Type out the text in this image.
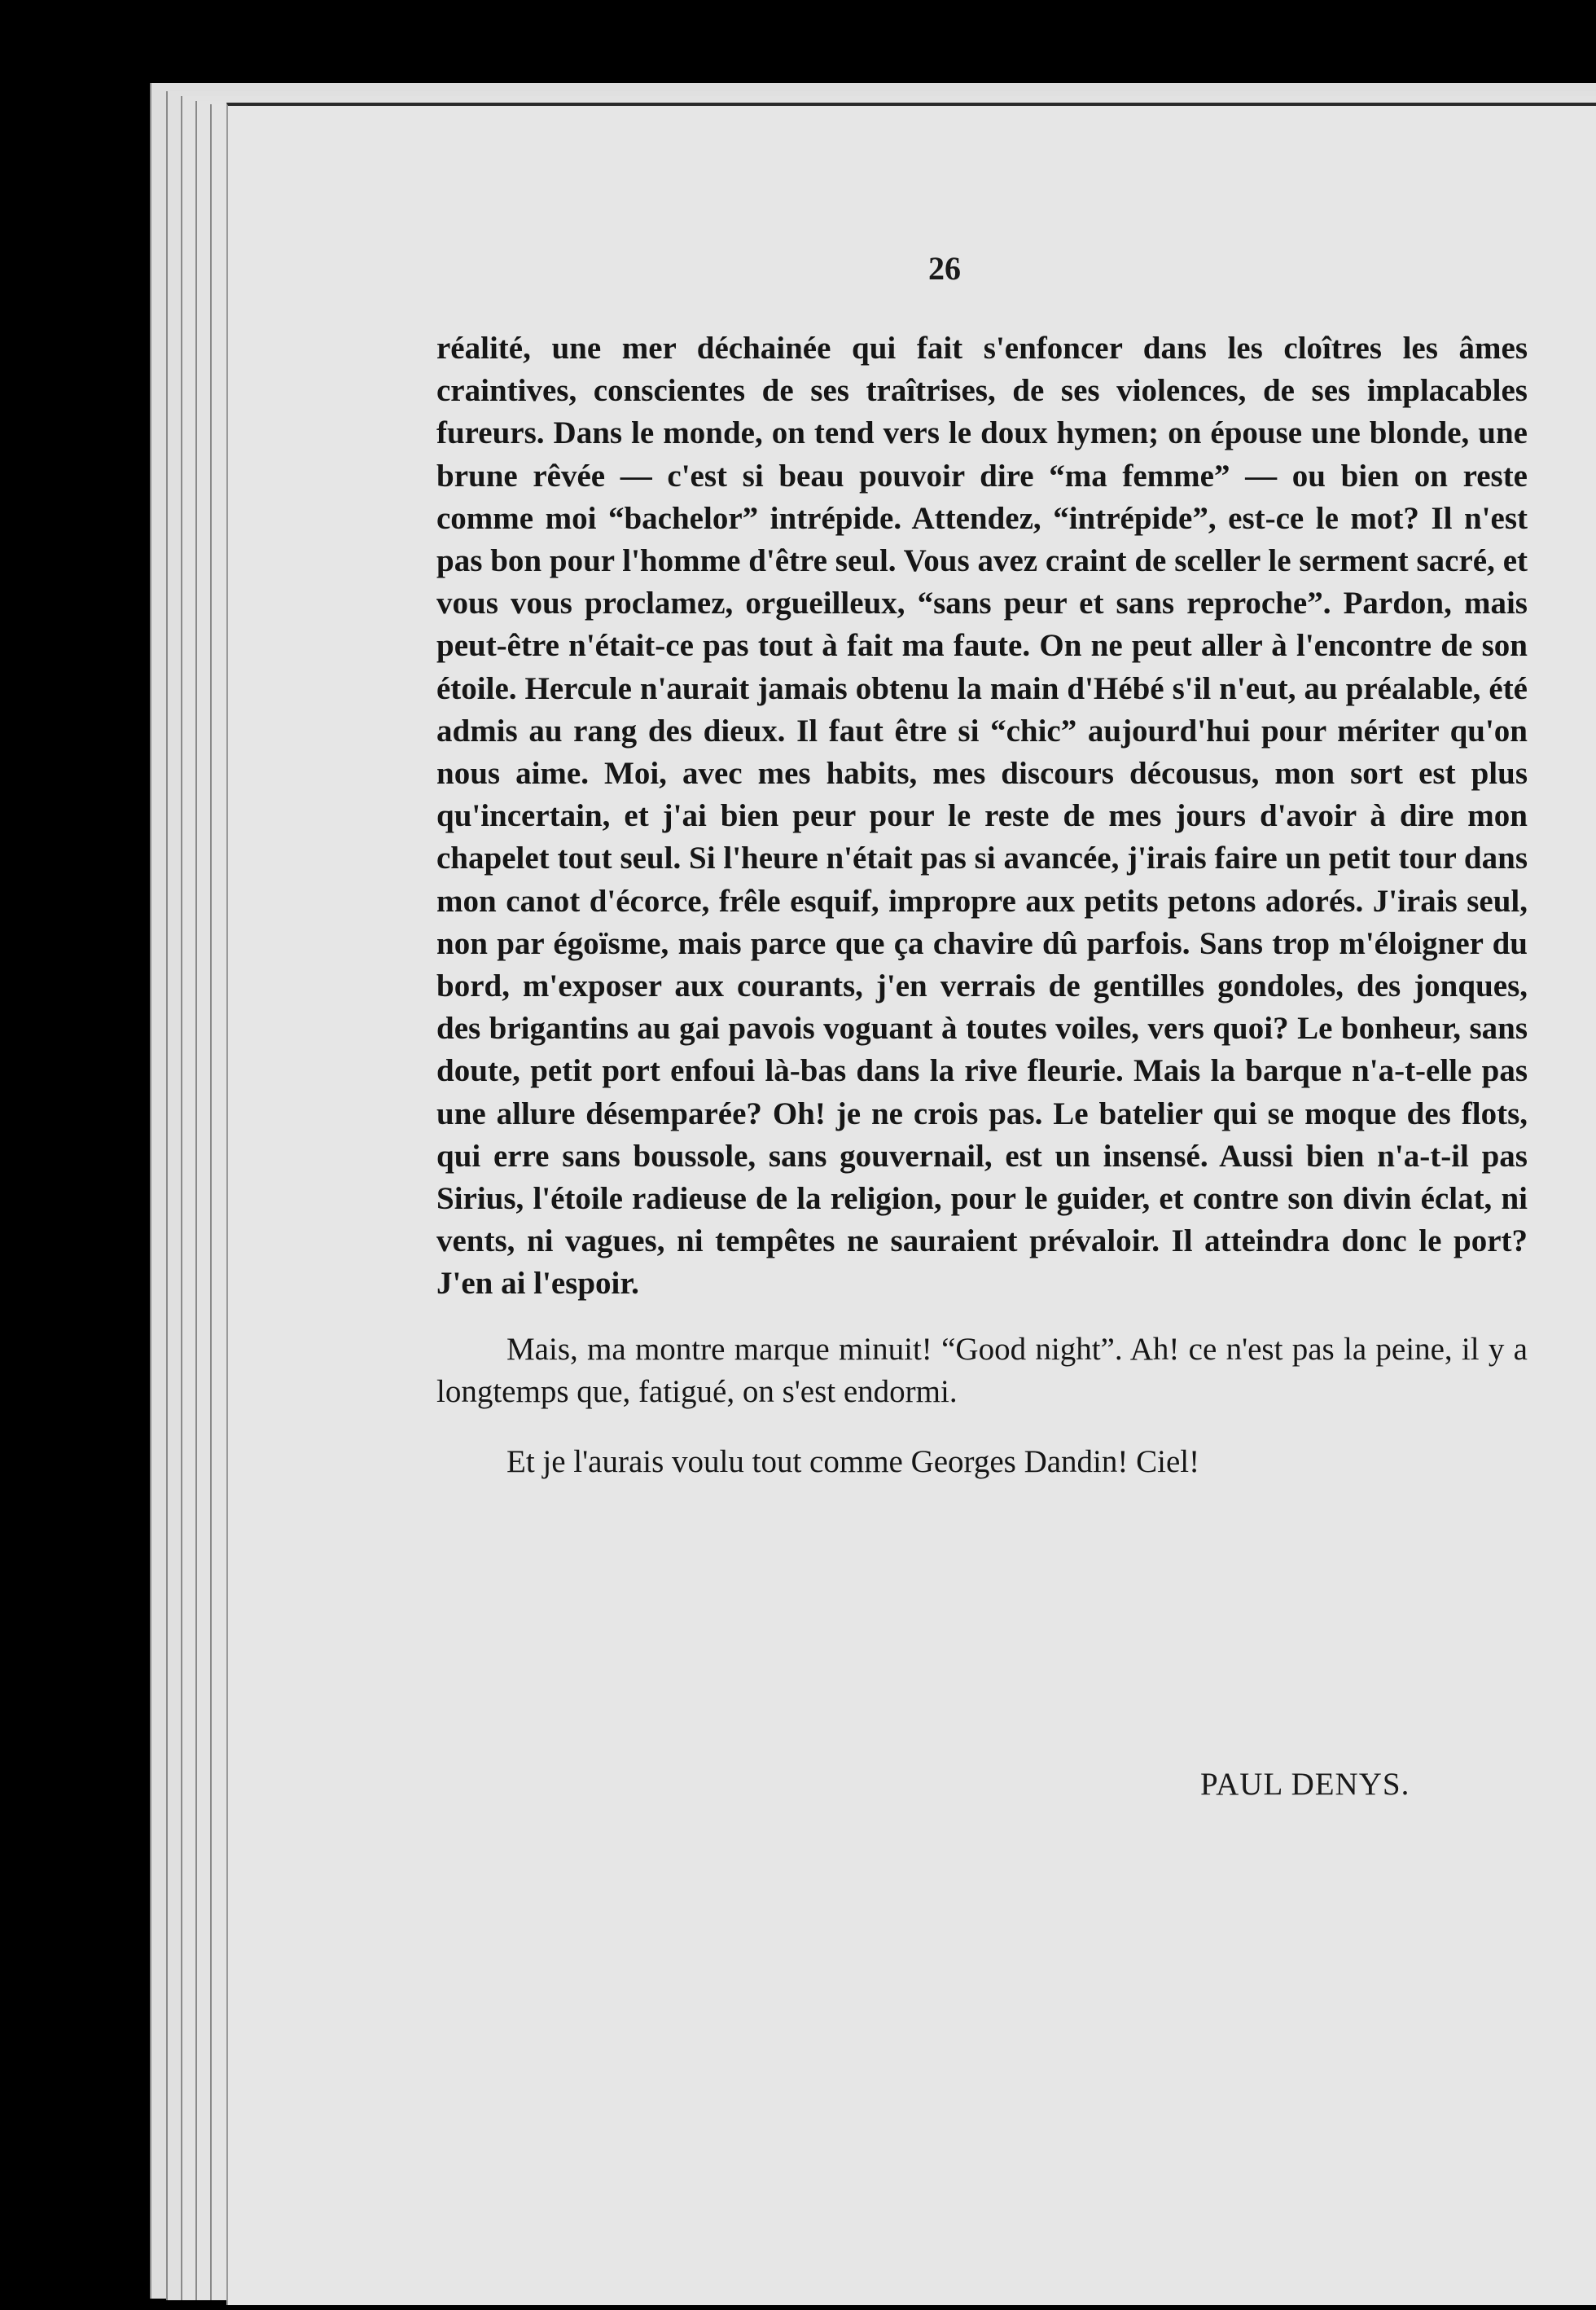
26

réalité, une mer déchainée qui fait s'enfoncer dans les cloîtres les âmes craintives, conscientes de ses traîtrises, de ses violences, de ses implacables fureurs. Dans le monde, on tend vers le doux hymen; on épouse une blonde, une brune rêvée — c'est si beau pouvoir dire “ma femme” — ou bien on reste comme moi “bachelor” intrépide. Attendez, “intrépide”, est-ce le mot? Il n'est pas bon pour l'homme d'être seul. Vous avez craint de sceller le serment sacré, et vous vous proclamez, orgueilleux, “sans peur et sans reproche”. Pardon, mais peut-être n'était-ce pas tout à fait ma faute. On ne peut aller à l'encontre de son étoile. Hercule n'aurait jamais obtenu la main d'Hébé s'il n'eut, au préalable, été admis au rang des dieux. Il faut être si “chic” aujourd'hui pour mériter qu'on nous aime. Moi, avec mes habits, mes discours décousus, mon sort est plus qu'incertain, et j'ai bien peur pour le reste de mes jours d'avoir à dire mon chapelet tout seul. Si l'heure n'était pas si avancée, j'irais faire un petit tour dans mon canot d'écorce, frêle esquif, impropre aux petits petons adorés. J'irais seul, non par égoïsme, mais parce que ça chavire dû parfois. Sans trop m'éloigner du bord, m'exposer aux courants, j'en verrais de gentilles gondoles, des jonques, des brigantins au gai pavois voguant à toutes voiles, vers quoi? Le bonheur, sans doute, petit port enfoui là-bas dans la rive fleurie. Mais la barque n'a-t-elle pas une allure désemparée? Oh! je ne crois pas. Le batelier qui se moque des flots, qui erre sans boussole, sans gouvernail, est un insensé. Aussi bien n'a-t-il pas Sirius, l'étoile radieuse de la religion, pour le guider, et contre son divin éclat, ni vents, ni vagues, ni tempêtes ne sauraient prévaloir. Il atteindra donc le port? J'en ai l'espoir.

Mais, ma montre marque minuit! “Good night”. Ah! ce n'est pas la peine, il y a longtemps que, fatigué, on s'est endormi.

Et je l'aurais voulu tout comme Georges Dandin! Ciel!

PAUL DENYS.
